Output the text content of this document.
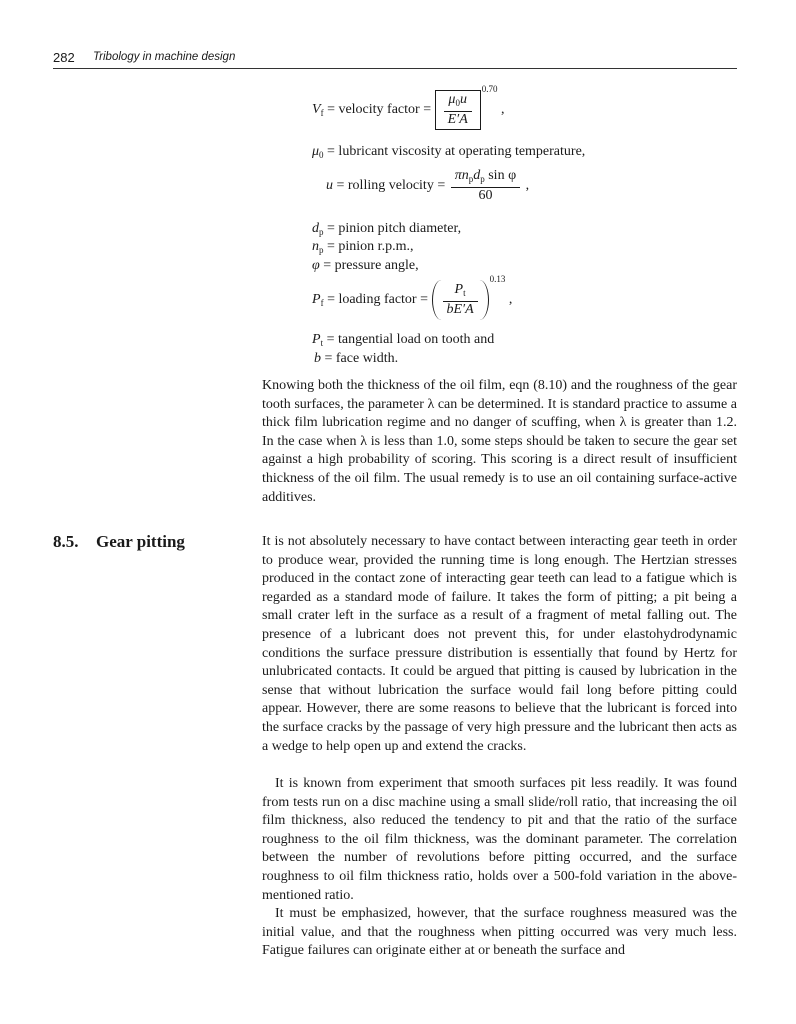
282 Tribology in machine design
$V_f$ = velocity factor = $\frac{\mu_0u}{E'A}$
0.70 ,
$\mu_0$ = lubricant viscosity at operating temperature,
u = rolling velocity = $\frac{\pi n_pd_p \sin \varphi}{60}$ ,
$d_p$ = pinion pitch diameter,
$n_p$ = pinion r.p.m.,
φ = pressure angle,
$P_f$ = loading factor = $\frac{P_t}{bE'A}$
0.13 ,
$P_t$ = tangential load on tooth and
b = face width.

Knowing both the thickness of the oil film, eqn (8.10) and the roughness of the gear tooth surfaces, the parameter λ can be determined. It is standard practice to assume a thick film lubrication regime and no danger of scuffing, when λ is greater than 1.2. In the case when λ is less than 1.0, some steps should be taken to secure the gear set against a high probability of scoring. This scoring is a direct result of insufficient thickness of the oil film. The usual remedy is to use an oil containing surface-active additives.

8.5. Gear pitting	It is not absolutely necessary to have contact between interacting gear teeth in order to produce wear, provided the running time is long enough. The Hertzian stresses produced in the contact zone of interacting gear teeth can lead to a fatigue which is regarded as a standard mode of failure. It takes the form of pitting; a pit being a small crater left in the surface as a result of a fragment of metal falling out. The presence of a lubricant does not prevent this, for under elastohydrodynamic conditions the surface pressure distribution is essentially that found by Hertz for unlubricated contacts. It could be argued that pitting is caused by lubrication in the sense that without lubrication the surface would fail long before pitting could appear. However, there are some reasons to believe that the lubricant is forced into the surface cracks by the passage of very high pressure and the lubricant then acts as a wedge to help open up and extend the cracks.

It is known from experiment that smooth surfaces pit less readily. It was found from tests run on a disc machine using a small slide/roll ratio, that increasing the oil film thickness, also reduced the tendency to pit and that the ratio of the surface roughness to the oil film thickness, was the dominant parameter. The correlation between the number of revolutions before pitting occurred, and the surface roughness to oil film thickness ratio, holds over a 500-fold variation in the above-mentioned ratio.

It must be emphasized, however, that the surface roughness measured was the initial value, and that the roughness when pitting occurred was very much less. Fatigue failures can originate either at or beneath the surface and
